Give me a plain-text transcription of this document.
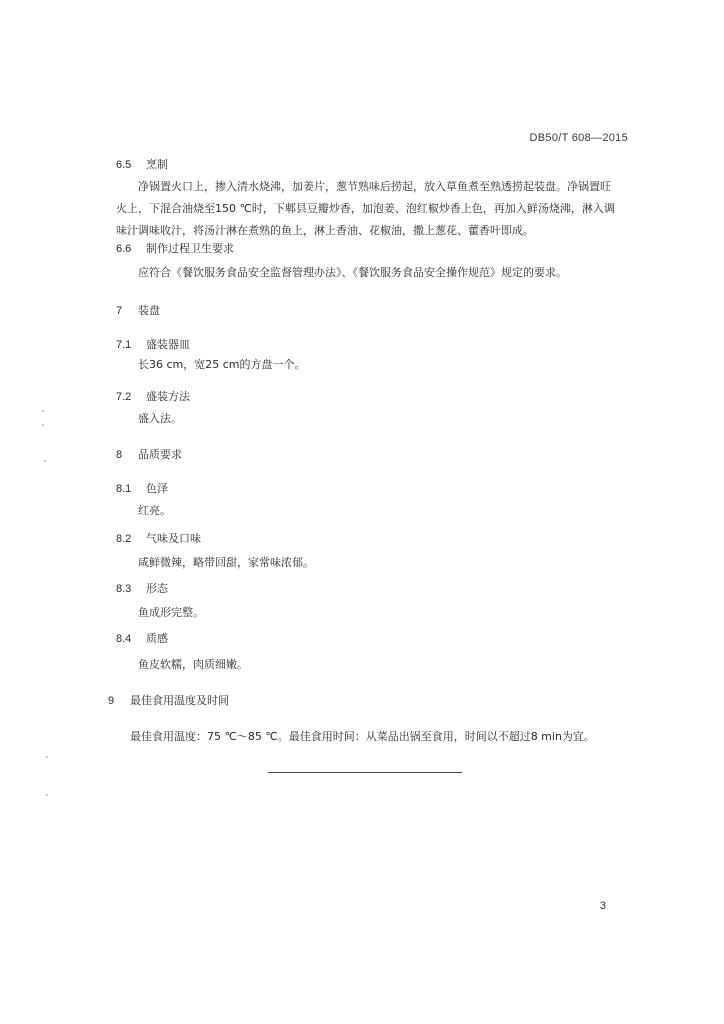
DB50/T 608—2015
6.5 烹制
净锅置火口上，掺入清水烧沸，加姜片，葱节熟味后捞起，放入草鱼煮至熟透捞起装盘。净锅置旺
火上，下混合油烧至150 ℃时，下郫县豆瓣炒香，加泡姜、泡红椒炒香上色，再加入鲜汤烧沸，淋入调
味汁调味收汁，将汤汁淋在煮熟的鱼上，淋上香油、花椒油，撒上葱花、藿香叶即成。
6.6 制作过程卫生要求
应符合《餐饮服务食品安全监督管理办法》、《餐饮服务食品安全操作规范》规定的要求。
7 装盘
7.1 盛装器皿
长36 cm，宽25 cm的方盘一个。
7.2 盛装方法
盛入法。
8 品质要求
8.1 色泽
红亮。
8.2 气味及口味
咸鲜微辣，略带回甜，家常味浓郁。
8.3 形态
鱼成形完整。
8.4 质感
鱼皮软糯，肉质细嫩。
9 最佳食用温度及时间
最佳食用温度：75 ℃～85 ℃。最佳食用时间：从菜品出锅至食用，时间以不超过8 min为宜。
3
